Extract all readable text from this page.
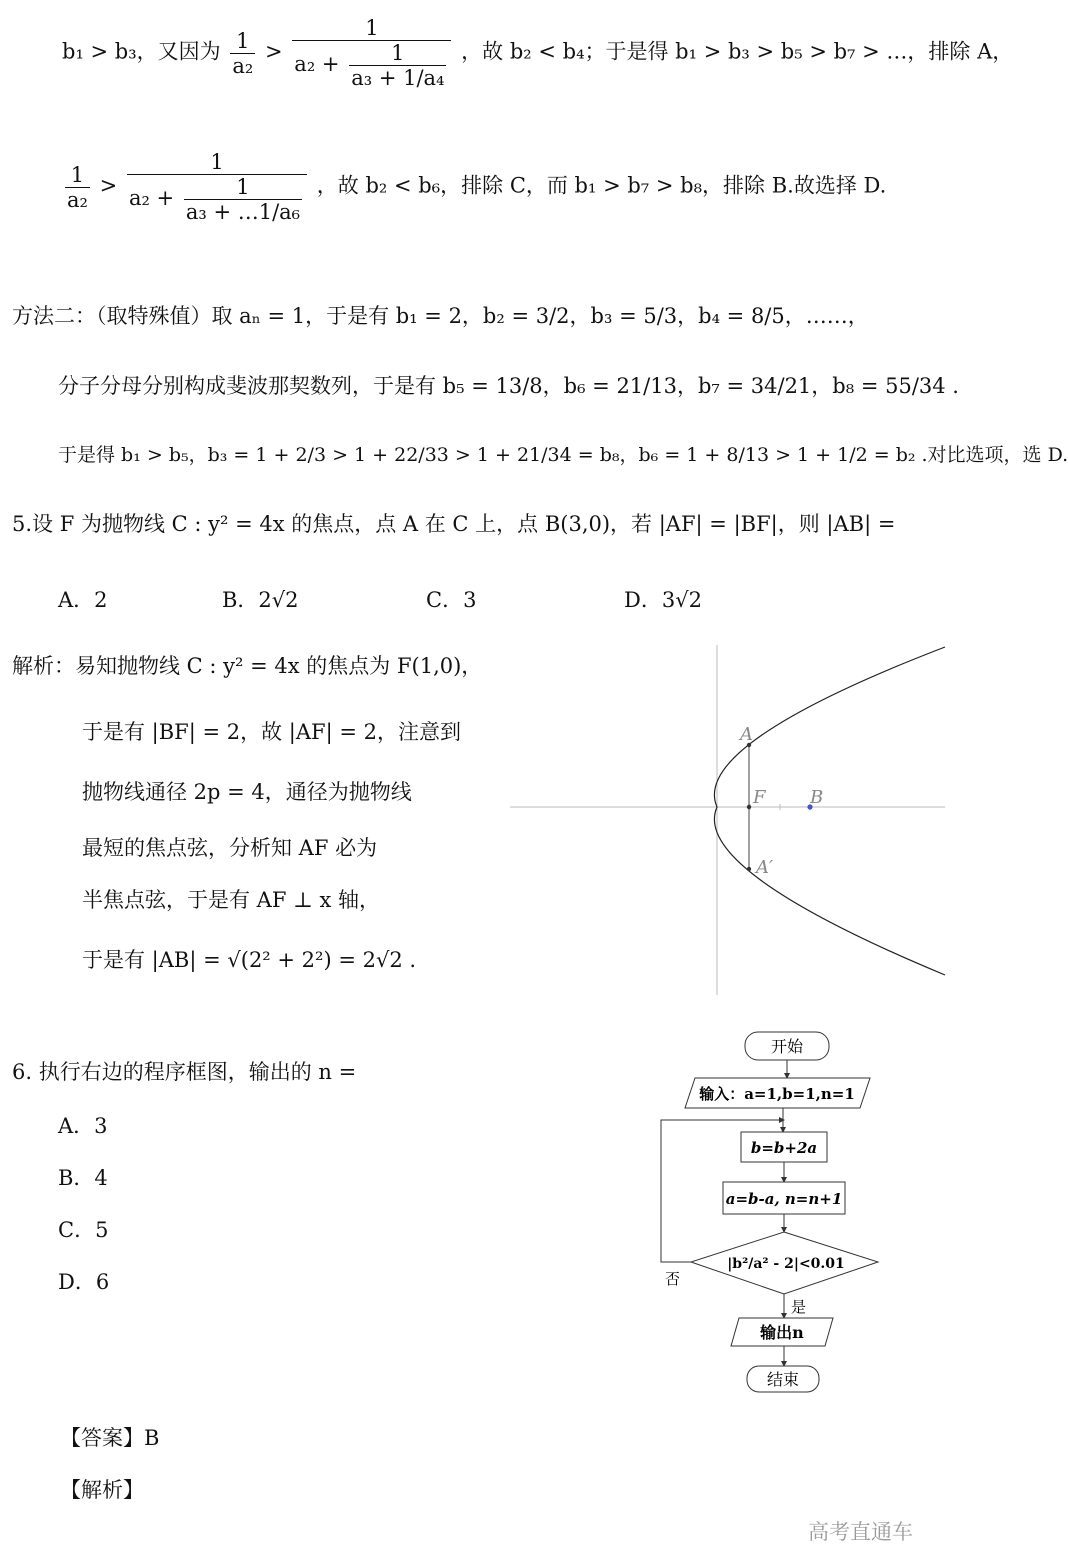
b₁ > b₃，又因为 $\frac{1}{\text{a₂}} > \frac{1}{a_2 + \frac{1}{\text{a₃ + 1/a₄}}}$ ，故 b₂ < b₄；于是得 b₁ > b₃ > b₅ > b₇ > …，排除 A，
$\frac{1}{\text{a₂}} > \frac{1}{a_2 + \frac{1}{\text{a₃ + …1/a₆}}}$ ，故 b₂ < b₆，排除 C，而 b₁ > b₇ > b₈，排除 B.故选择 D.
方法二：（取特殊值）取 aₙ = 1，于是有 b₁ = 2，b₂ = 3/2，b₃ = 5/3，b₄ = 8/5，……，
分子分母分别构成斐波那契数列，于是有 b₅ = 13/8，b₆ = 21/13，b₇ = 34/21，b₈ = 55/34 .
于是得 b₁ > b₅，b₃ = 1 + 2/3 > 1 + 22/33 > 1 + 21/34 = b₈，b₆ = 1 + 8/13 > 1 + 1/2 = b₂ .对比选项，选 D.
5.设 F 为抛物线 C : y² = 4x 的焦点，点 A 在 C 上，点 B(3,0)，若 |AF| = |BF|，则 |AB| =
A．2	B．2√2	C．3	D．3√2
解析：易知抛物线 C : y² = 4x 的焦点为 F(1,0)，
于是有 |BF| = 2，故 |AF| = 2，注意到
抛物线通径 2p = 4，通径为抛物线
最短的焦点弦，分析知 AF 必为
半焦点弦，于是有 AF ⊥ x 轴，
于是有 |AB| = √(2² + 2²) = 2√2 .
A
F B
A′
6. 执行右边的程序框图，输出的 n =
A．3
B．4
C．5
D．6
开始
输入：a=1,b=1,n=1
b=b+2a
a=b-a, n=n+1
|b²/a² - 2|<0.01
否
是
输出n
结束
【答案】B
【解析】
高考直通车
